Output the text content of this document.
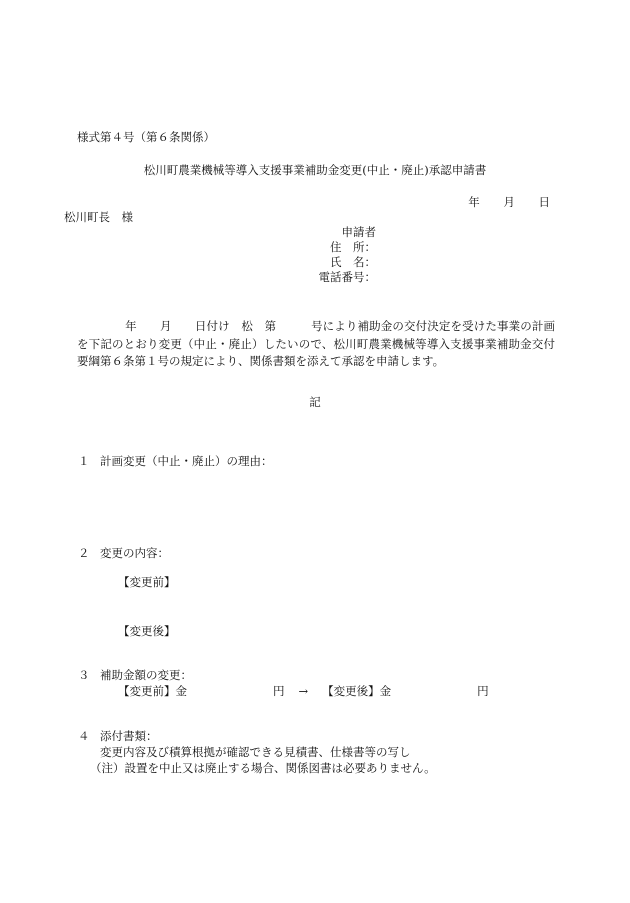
様式第４号（第６条関係）
松川町農業機械等導入支援事業補助金変更(中止・廃止)承認申請書
年 月 日
松川町長　様
申請者
住　所：
氏　名：
電話番号：
年　　月　　日付け　松　第　　　号により補助金の交付決定を受けた事業の計画を下記のとおり変更（中止・廃止）したいので、松川町農業機械等導入支援事業補助金交付要綱第６条第１号の規定により、関係書類を添えて承認を申請します。
記
１ 計画変更（中止・廃止）の理由：
２ 変更の内容：
【変更前】
【変更後】
３ 補助金額の変更：
【変更前】金	円 → 【変更後】金	円
４ 添付書類：
変更内容及び積算根拠が確認できる見積書、仕様書等の写し
（注）設置を中止又は廃止する場合、関係図書は必要ありません。
